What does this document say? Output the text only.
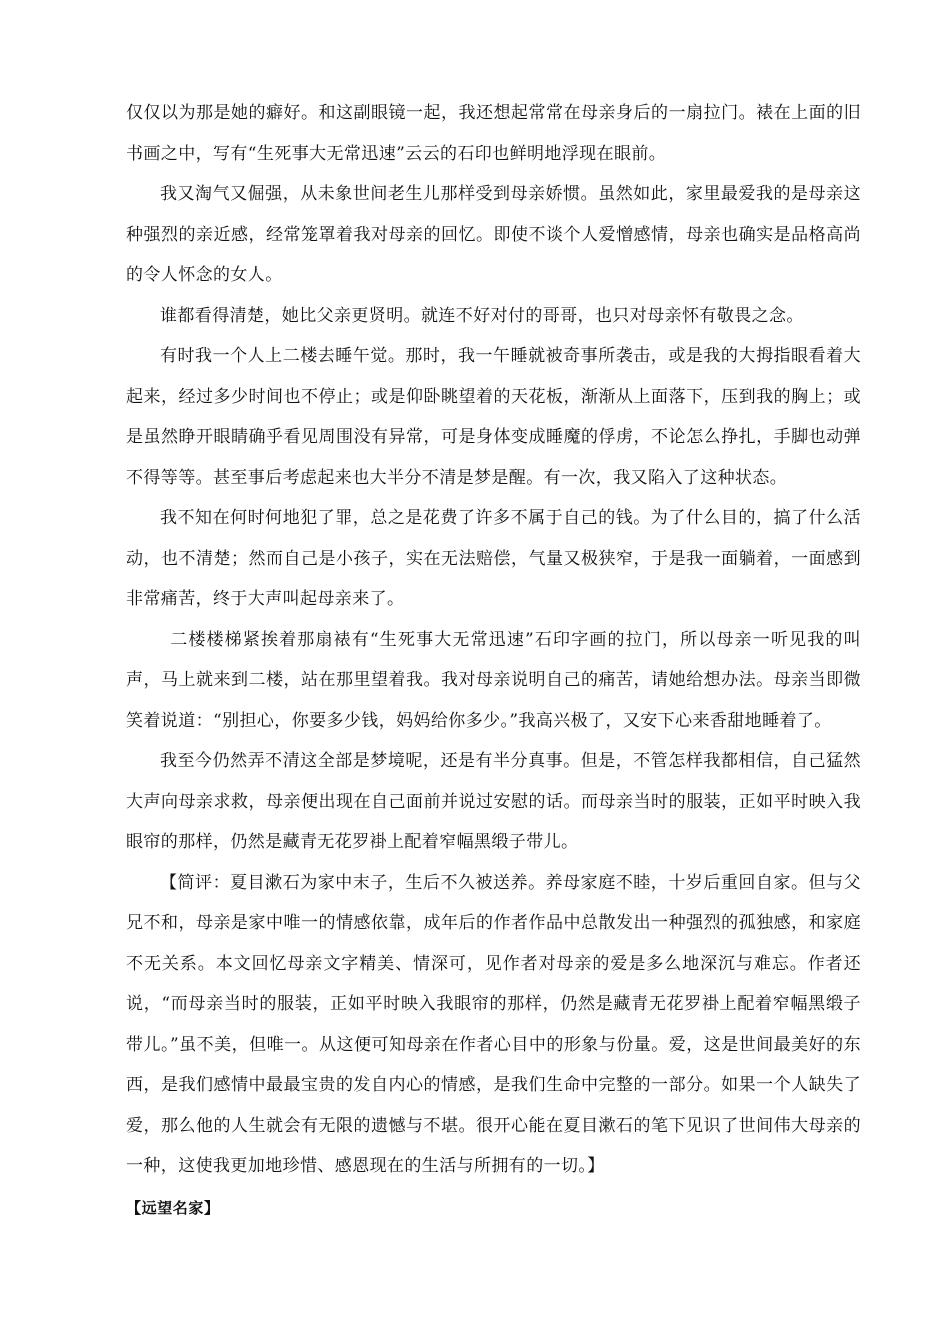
仅仅以为那是她的癖好。和这副眼镜一起，我还想起常常在母亲身后的一扇拉门。裱在上面的旧书画之中，写有“生死事大无常迅速”云云的石印也鲜明地浮现在眼前。

我又淘气又倔强，从未象世间老生儿那样受到母亲娇惯。虽然如此，家里最爱我的是母亲这种强烈的亲近感，经常笼罩着我对母亲的回忆。即使不谈个人爱憎感情，母亲也确实是品格高尚的令人怀念的女人。

谁都看得清楚，她比父亲更贤明。就连不好对付的哥哥，也只对母亲怀有敬畏之念。

有时我一个人上二楼去睡午觉。那时，我一午睡就被奇事所袭击，或是我的大拇指眼看着大起来，经过多少时间也不停止；或是仰卧眺望着的天花板，渐渐从上面落下，压到我的胸上；或是虽然睁开眼睛确乎看见周围没有异常，可是身体变成睡魔的俘虏，不论怎么挣扎，手脚也动弹不得等等。甚至事后考虑起来也大半分不清是梦是醒。有一次，我又陷入了这种状态。

我不知在何时何地犯了罪，总之是花费了许多不属于自己的钱。为了什么目的，搞了什么活动，也不清楚；然而自己是小孩子，实在无法赔偿，气量又极狭窄，于是我一面躺着，一面感到非常痛苦，终于大声叫起母亲来了。

二楼楼梯紧挨着那扇裱有“生死事大无常迅速”石印字画的拉门，所以母亲一听见我的叫声，马上就来到二楼，站在那里望着我。我对母亲说明自己的痛苦，请她给想办法。母亲当即微笑着说道：“别担心，你要多少钱，妈妈给你多少。”我高兴极了，又安下心来香甜地睡着了。

我至今仍然弄不清这全部是梦境呢，还是有半分真事。但是，不管怎样我都相信，自己猛然大声向母亲求救，母亲便出现在自己面前并说过安慰的话。而母亲当时的服装，正如平时映入我眼帘的那样，仍然是藏青无花罗褂上配着窄幅黑缎子带儿。

【简评：夏目漱石为家中末子，生后不久被送养。养母家庭不睦，十岁后重回自家。但与父兄不和，母亲是家中唯一的情感依靠，成年后的作者作品中总散发出一种强烈的孤独感，和家庭不无关系。本文回忆母亲文字精美、情深可，见作者对母亲的爱是多么地深沉与难忘。作者还说，“而母亲当时的服装，正如平时映入我眼帘的那样，仍然是藏青无花罗褂上配着窄幅黑缎子带儿。”虽不美，但唯一。从这便可知母亲在作者心目中的形象与份量。爱，这是世间最美好的东西，是我们感情中最最宝贵的发自内心的情感，是我们生命中完整的一部分。如果一个人缺失了爱，那么他的人生就会有无限的遗憾与不堪。很开心能在夏目漱石的笔下见识了世间伟大母亲的一种，这使我更加地珍惜、感恩现在的生活与所拥有的一切。】

【远望名家】
